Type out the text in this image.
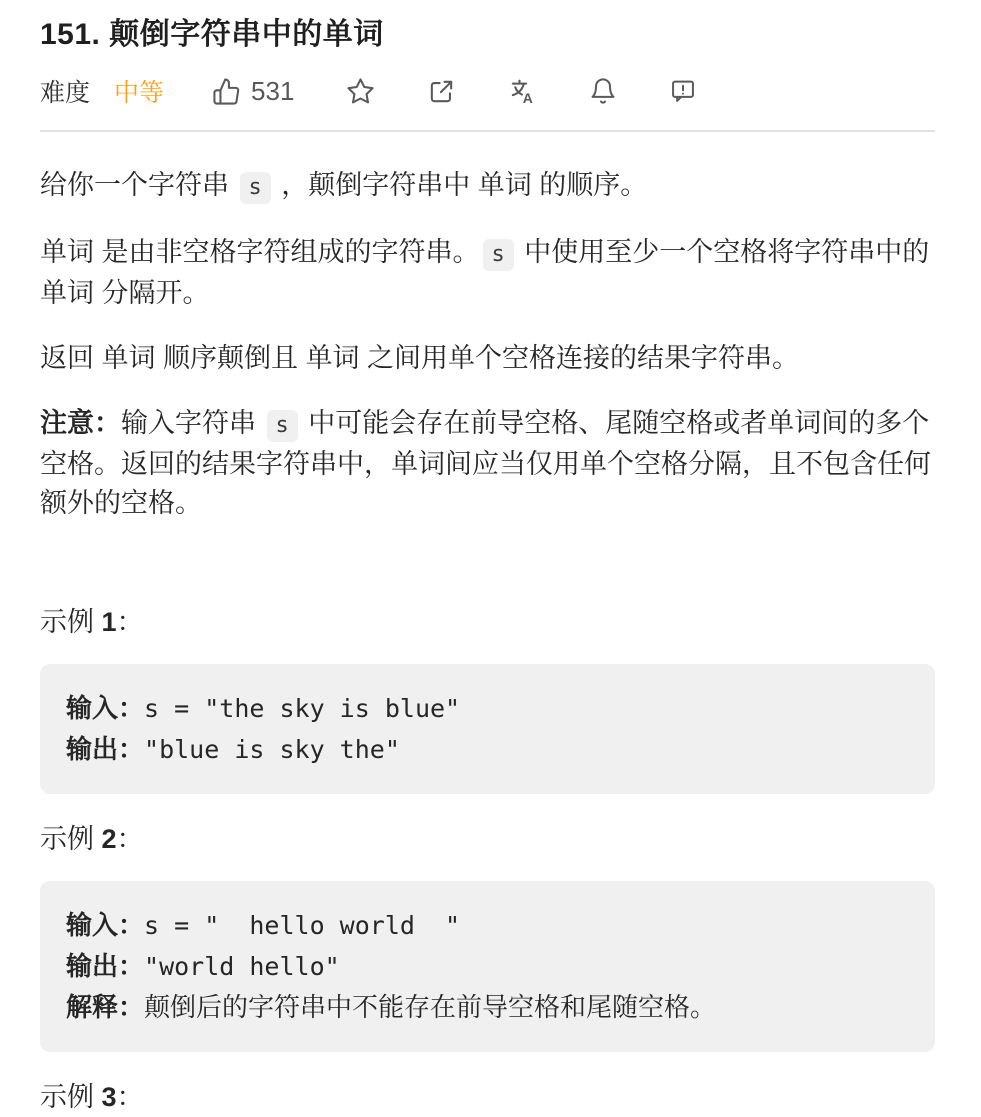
151. 颠倒字符串中的单词
难度 中等	531	A

给你一个字符串 s ，颠倒字符串中 单词 的顺序。

单词 是由非空格字符组成的字符串。 s 中使用至少一个空格将字符串中的 单词 分隔开。

返回 单词 顺序颠倒且 单词 之间用单个空格连接的结果字符串。

注意：输入字符串 s 中可能会存在前导空格、尾随空格或者单词间的多个空格。返回的结果字符串中，单词间应当仅用单个空格分隔，且不包含任何额外的空格。

示例 1：

输入：s = "the sky is blue"
输出："blue is sky the"

示例 2：

输入：s = "  hello world  "
输出："world hello"
解释：颠倒后的字符串中不能存在前导空格和尾随空格。

示例 3：
